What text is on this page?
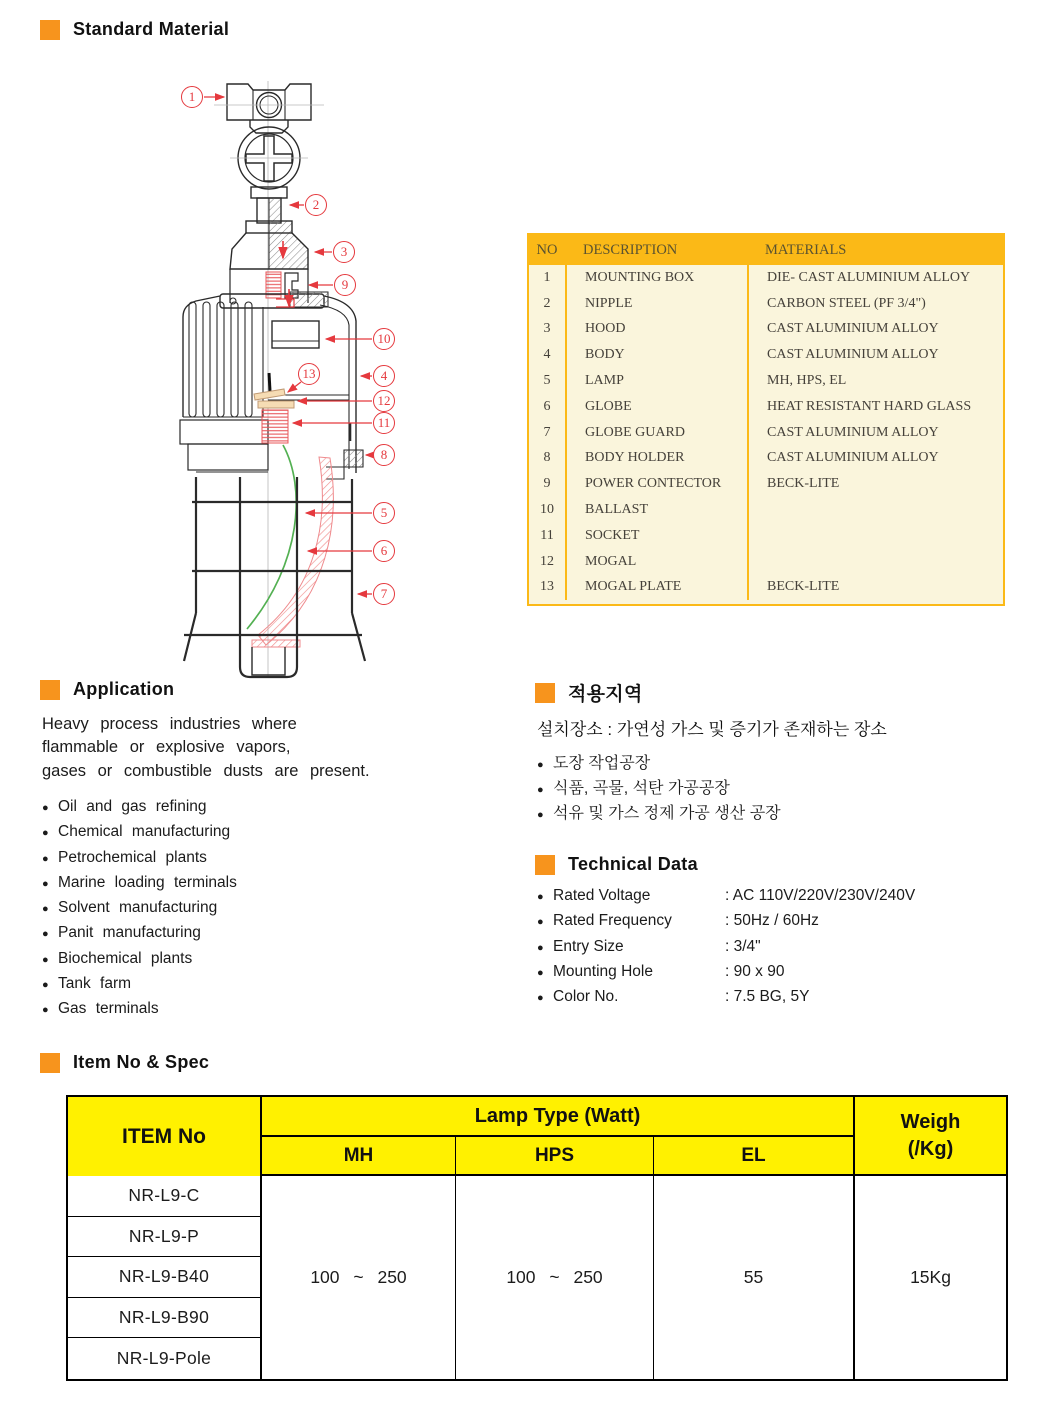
Standard Material
1
2
3
9
10
13	4
12
11
8
5
6
7
NO	DESCRIPTION	MATERIALS
1	MOUNTING BOX	DIE- CAST ALUMINIUM ALLOY
2	NIPPLE	CARBON STEEL (PF 3/4")
3	HOOD	CAST ALUMINIUM ALLOY
4	BODY	CAST ALUMINIUM ALLOY
5	LAMP	MH, HPS, EL
6	GLOBE	HEAT RESISTANT HARD GLASS
7	GLOBE GUARD	CAST ALUMINIUM ALLOY
8	BODY HOLDER	CAST ALUMINIUM ALLOY
9	POWER CONTECTOR	BECK-LITE
10	BALLAST
11	SOCKET
12	MOGAL
13	MOGAL PLATE	BECK-LITE
Application
Heavy process industries where
flammable or explosive vapors,
gases or combustible dusts are present.
● Oil and gas refining
● Chemical manufacturing
● Petrochemical plants
● Marine loading terminals
● Solvent manufacturing
● Panit manufacturing
● Biochemical plants
● Tank farm
● Gas terminals
적용지역
설치장소 : 가연성 가스 및 증기가 존재하는 장소
● 도장 작업공장
● 식품, 곡물, 석탄 가공공장
● 석유 및 가스 정제 가공 생산 공장
Technical Data
● Rated Voltage	: AC 110V/220V/230V/240V
● Rated Frequency	: 50Hz / 60Hz
● Entry Size	: 3/4"
● Mounting Hole	: 90 x 90
● Color No.	: 7.5 BG, 5Y
Item No & Spec
ITEM No
Lamp Type (Watt)
MH	HPS	EL
Weigh
(/Kg)
NR-L9-C
NR-L9-P
NR-L9-B40
NR-L9-B90
NR-L9-Pole
100 ~ 250	100 ~ 250	55	15Kg
